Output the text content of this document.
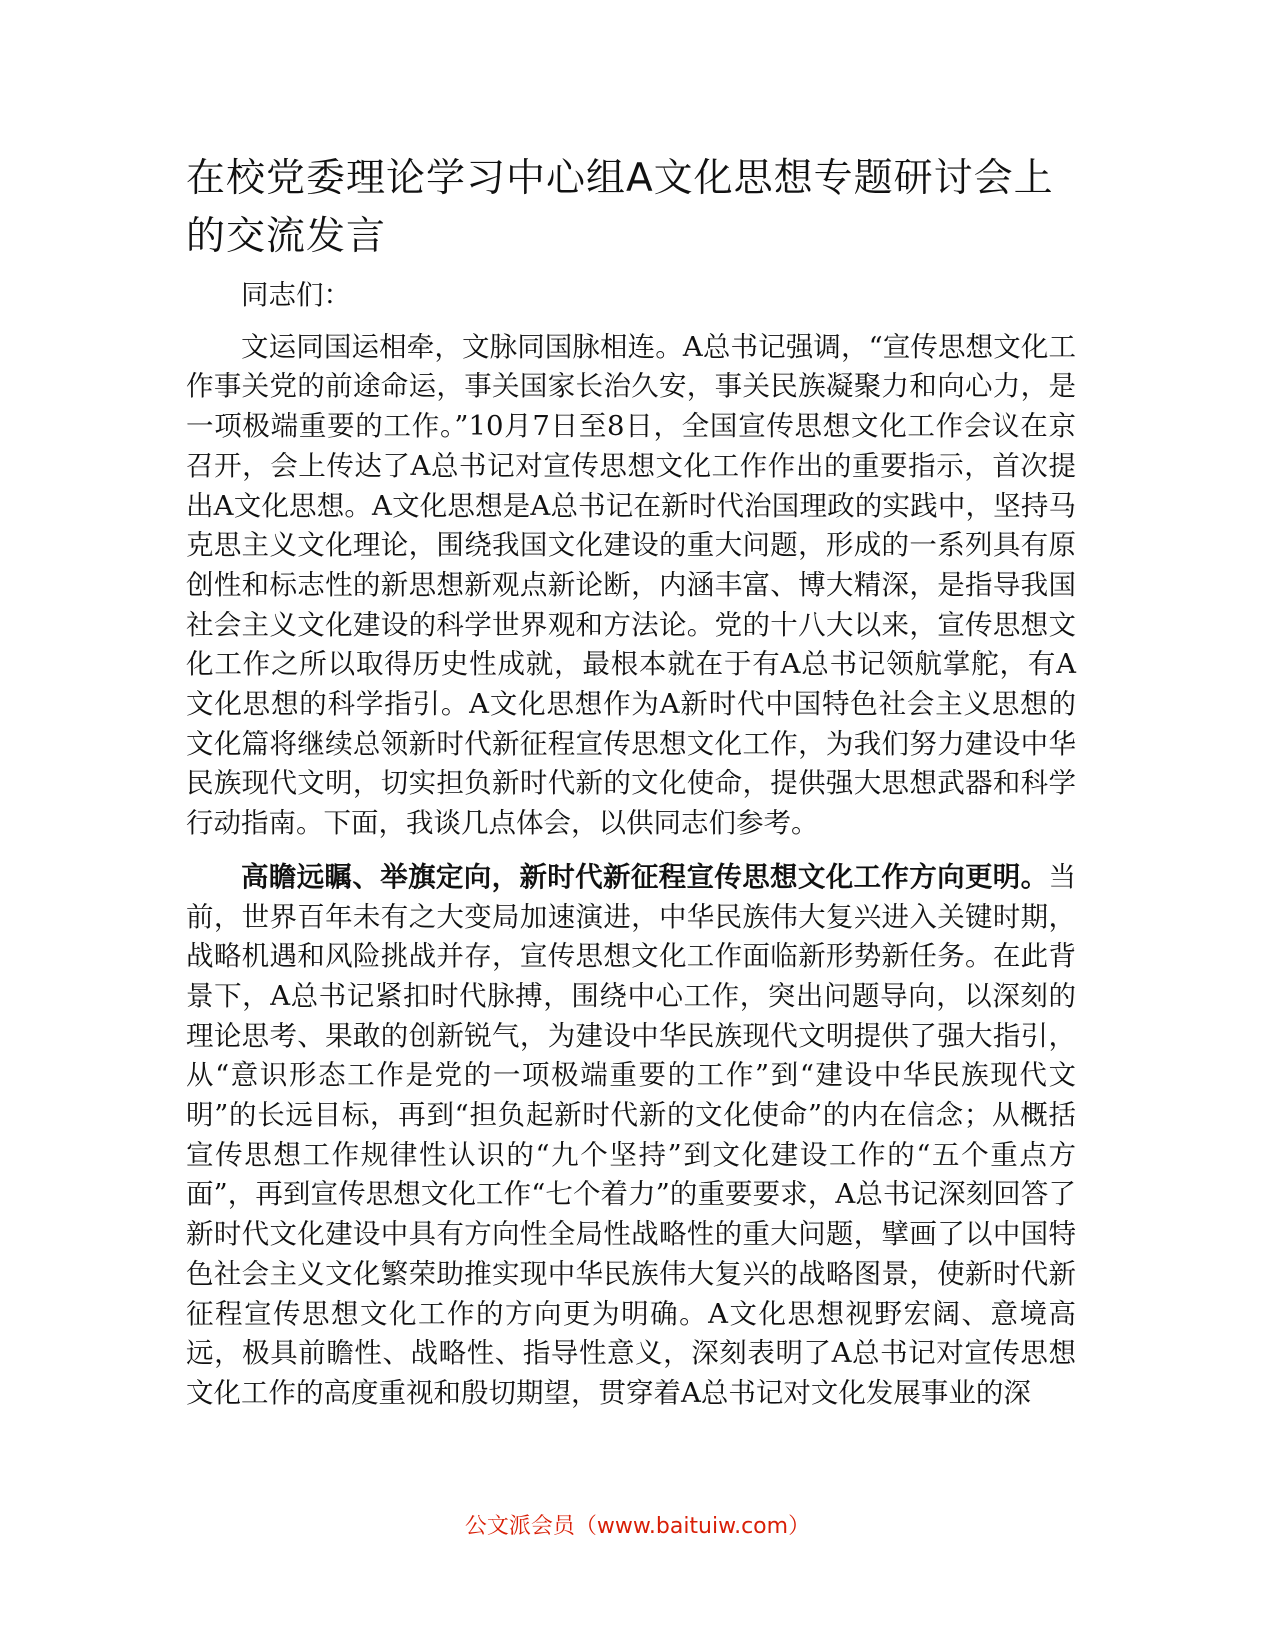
在校党委理论学习中心组A文化思想专题研讨会上的交流发言

同志们：

文运同国运相牵，文脉同国脉相连。A总书记强调，“宣传思想文化工作事关党的前途命运，事关国家长治久安，事关民族凝聚力和向心力，是一项极端重要的工作。”10月7日至8日，全国宣传思想文化工作会议在京召开，会上传达了A总书记对宣传思想文化工作作出的重要指示，首次提出A文化思想。A文化思想是A总书记在新时代治国理政的实践中，坚持马克思主义文化理论，围绕我国文化建设的重大问题，形成的一系列具有原创性和标志性的新思想新观点新论断，内涵丰富、博大精深，是指导我国社会主义文化建设的科学世界观和方法论。党的十八大以来，宣传思想文化工作之所以取得历史性成就，最根本就在于有A总书记领航掌舵，有A文化思想的科学指引。A文化思想作为A新时代中国特色社会主义思想的文化篇将继续总领新时代新征程宣传思想文化工作，为我们努力建设中华民族现代文明，切实担负新时代新的文化使命，提供强大思想武器和科学行动指南。下面，我谈几点体会，以供同志们参考。

高瞻远瞩、举旗定向，新时代新征程宣传思想文化工作方向更明。当前，世界百年未有之大变局加速演进，中华民族伟大复兴进入关键时期，战略机遇和风险挑战并存，宣传思想文化工作面临新形势新任务。在此背景下，A总书记紧扣时代脉搏，围绕中心工作，突出问题导向，以深刻的理论思考、果敢的创新锐气，为建设中华民族现代文明提供了强大指引，从“意识形态工作是党的一项极端重要的工作”到“建设中华民族现代文明”的长远目标，再到“担负起新时代新的文化使命”的内在信念；从概括宣传思想工作规律性认识的“九个坚持”到文化建设工作的“五个重点方面”，再到宣传思想文化工作“七个着力”的重要要求，A总书记深刻回答了新时代文化建设中具有方向性全局性战略性的重大问题，擘画了以中国特色社会主义文化繁荣助推实现中华民族伟大复兴的战略图景，使新时代新征程宣传思想文化工作的方向更为明确。A文化思想视野宏阔、意境高远，极具前瞻性、战略性、指导性意义，深刻表明了A总书记对宣传思想文化工作的高度重视和殷切期望，贯穿着A总书记对文化发展事业的深

公文派会员（www.baituiw.com）
